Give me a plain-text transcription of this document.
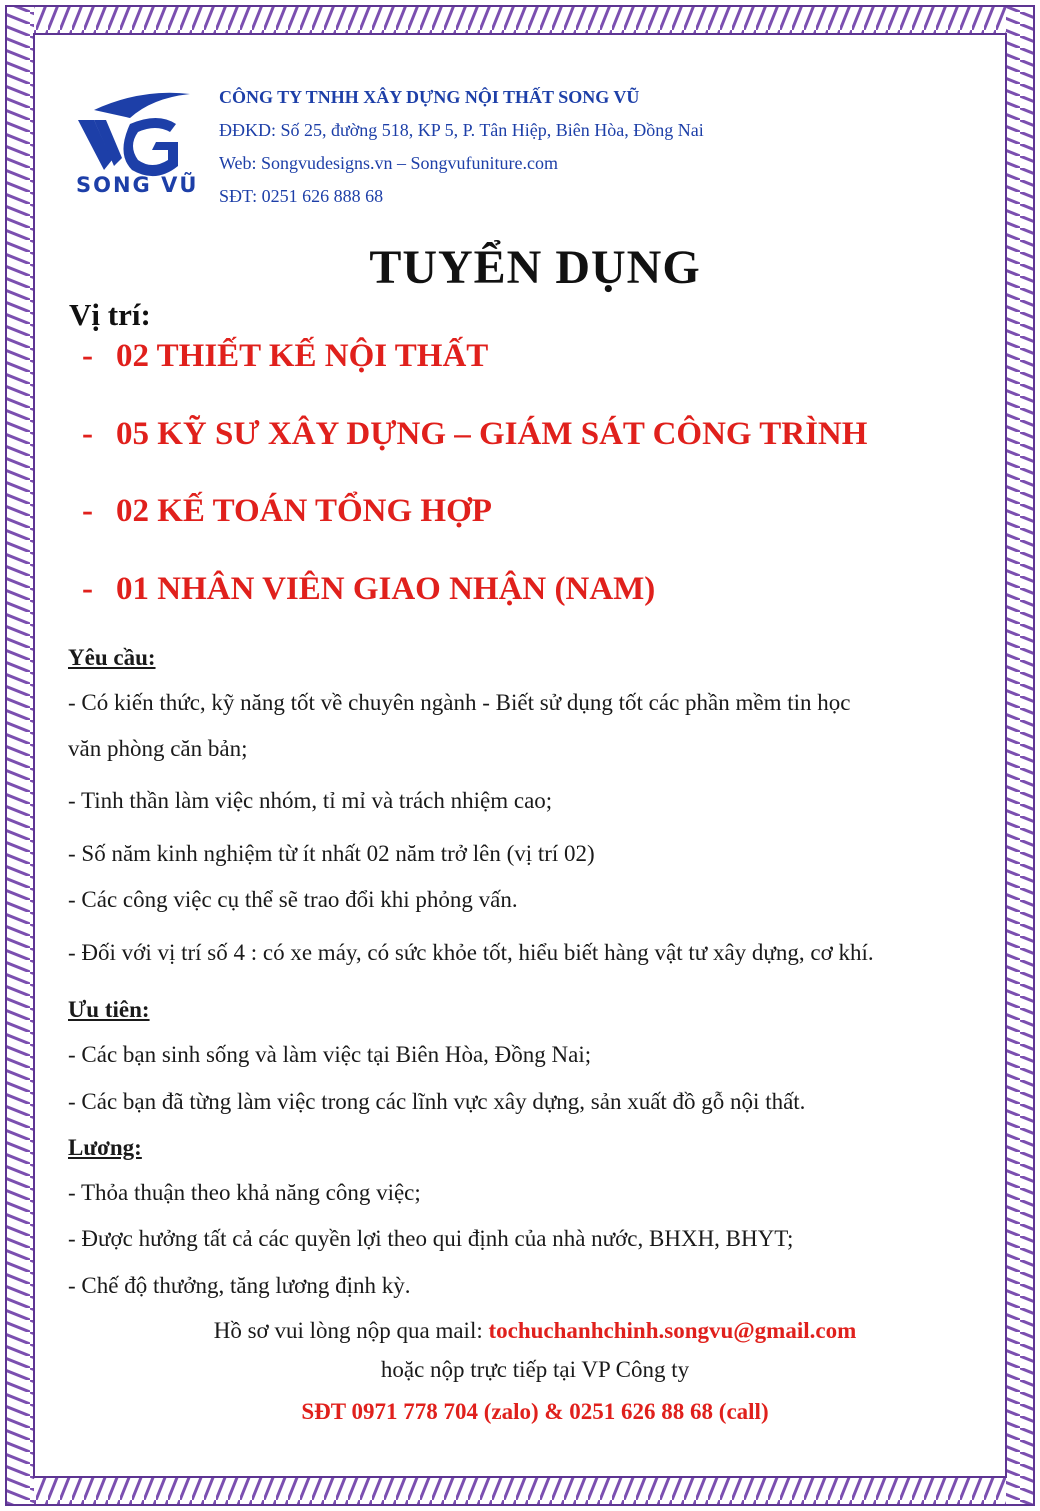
SONG VŨ
CÔNG TY TNHH XÂY DỰNG NỘI THẤT SONG VŨ
ĐĐKD: Số 25, đường 518, KP 5, P. Tân Hiệp, Biên Hòa, Đồng Nai
Web: Songvudesigns.vn – Songvufuniture.com
SĐT: 0251 626 888 68
TUYỂN DỤNG
Vị trí:
- 02 THIẾT KẾ NỘI THẤT
- 05 KỸ SƯ XÂY DỰNG – GIÁM SÁT CÔNG TRÌNH
- 02 KẾ TOÁN TỔNG HỢP
- 01 NHÂN VIÊN GIAO NHẬN (NAM)
Yêu cầu:
- Có kiến thức, kỹ năng tốt về chuyên ngành - Biết sử dụng tốt các phần mềm tin học
văn phòng căn bản;
- Tinh thần làm việc nhóm, tỉ mỉ và trách nhiệm cao;
- Số năm kinh nghiệm từ ít nhất 02 năm trở lên (vị trí 02)
- Các công việc cụ thể sẽ trao đổi khi phỏng vấn.
- Đối với vị trí số 4 : có xe máy, có sức khỏe tốt, hiểu biết hàng vật tư xây dựng, cơ khí.
Ưu tiên:
- Các bạn sinh sống và làm việc tại Biên Hòa, Đồng Nai;
- Các bạn đã từng làm việc trong các lĩnh vực xây dựng, sản xuất đồ gỗ nội thất.
Lương:
- Thỏa thuận theo khả năng công việc;
- Được hưởng tất cả các quyền lợi theo qui định của nhà nước, BHXH, BHYT;
- Chế độ thưởng, tăng lương định kỳ.
Hồ sơ vui lòng nộp qua mail: tochuchanhchinh.songvu@gmail.com
hoặc nộp trực tiếp tại VP Công ty
SĐT 0971 778 704 (zalo) & 0251 626 88 68 (call)
